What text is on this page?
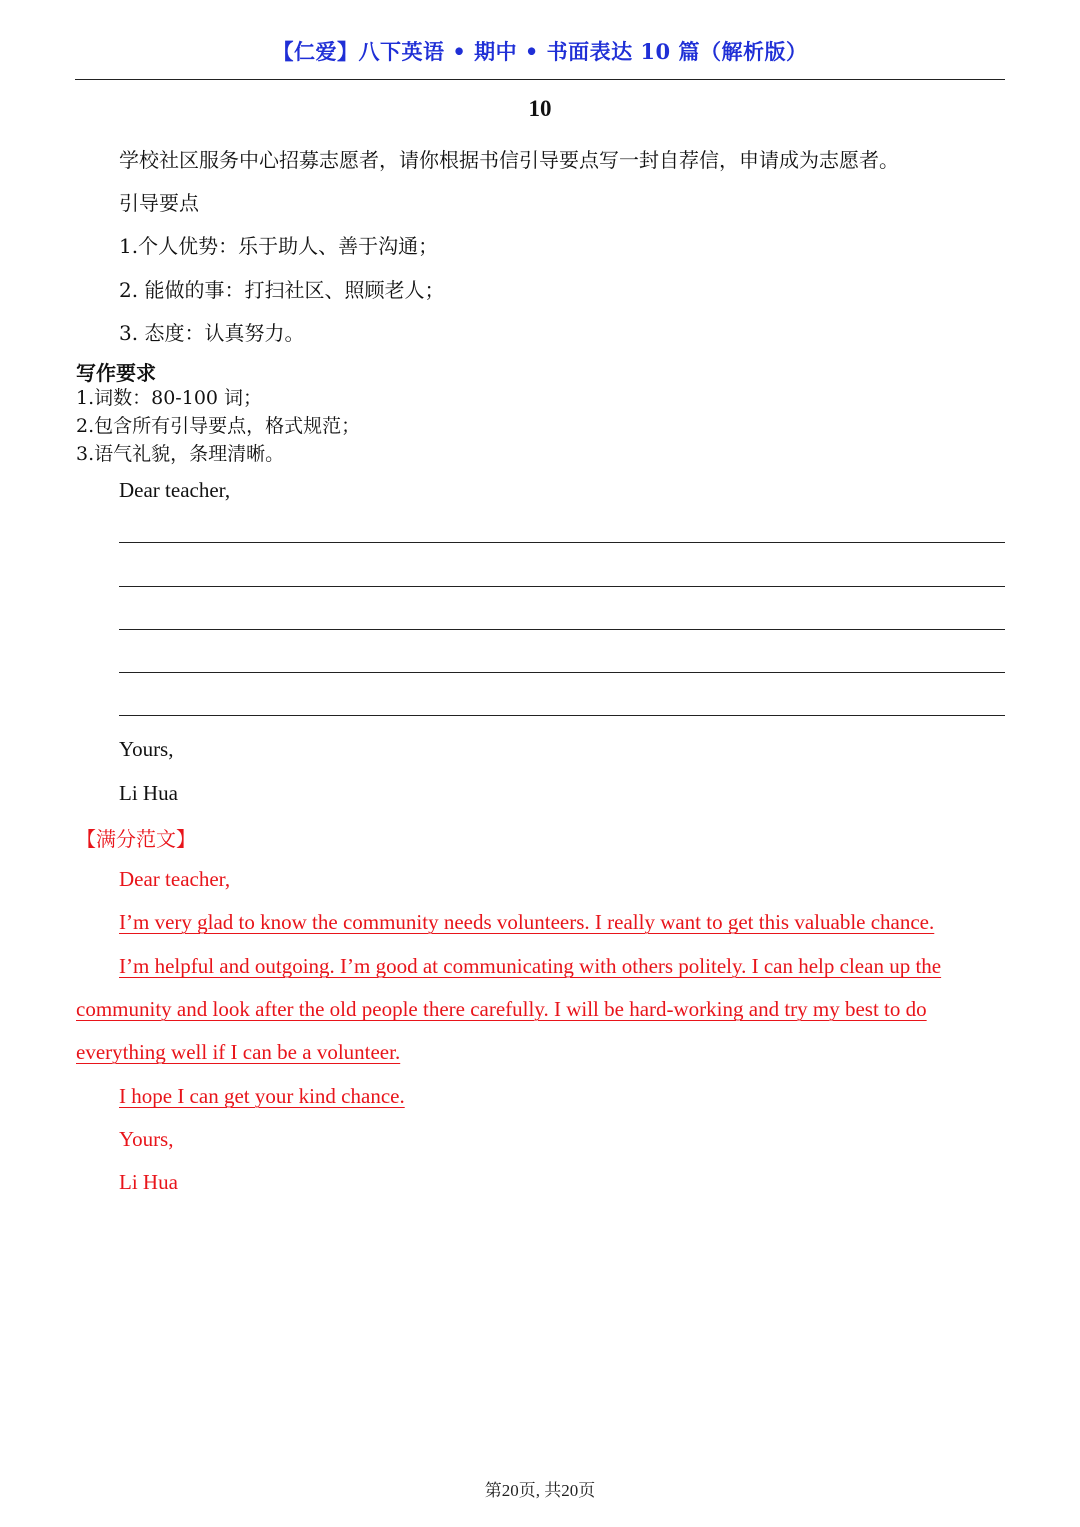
【仁爱】八下英语 • 期中 • 书面表达 10 篇（解析版）
10
学校社区服务中心招募志愿者，请你根据书信引导要点写一封自荐信，申请成为志愿者。
引导要点
1.个人优势：乐于助人、善于沟通；
2. 能做的事：打扫社区、照顾老人；
3. 态度：认真努力。
写作要求
1.词数：80-100 词；
2.包含所有引导要点，格式规范；
3.语气礼貌，条理清晰。
Dear teacher,
Yours,
Li Hua
【满分范文】
Dear teacher,
I’m very glad to know the community needs volunteers. I really want to get this valuable chance.
I’m helpful and outgoing. I’m good at communicating with others politely. I can help clean up the
community and look after the old people there carefully. I will be hard-working and try my best to do
everything well if I can be a volunteer.
I hope I can get your kind chance.
Yours,
Li Hua
第20页, 共20页
